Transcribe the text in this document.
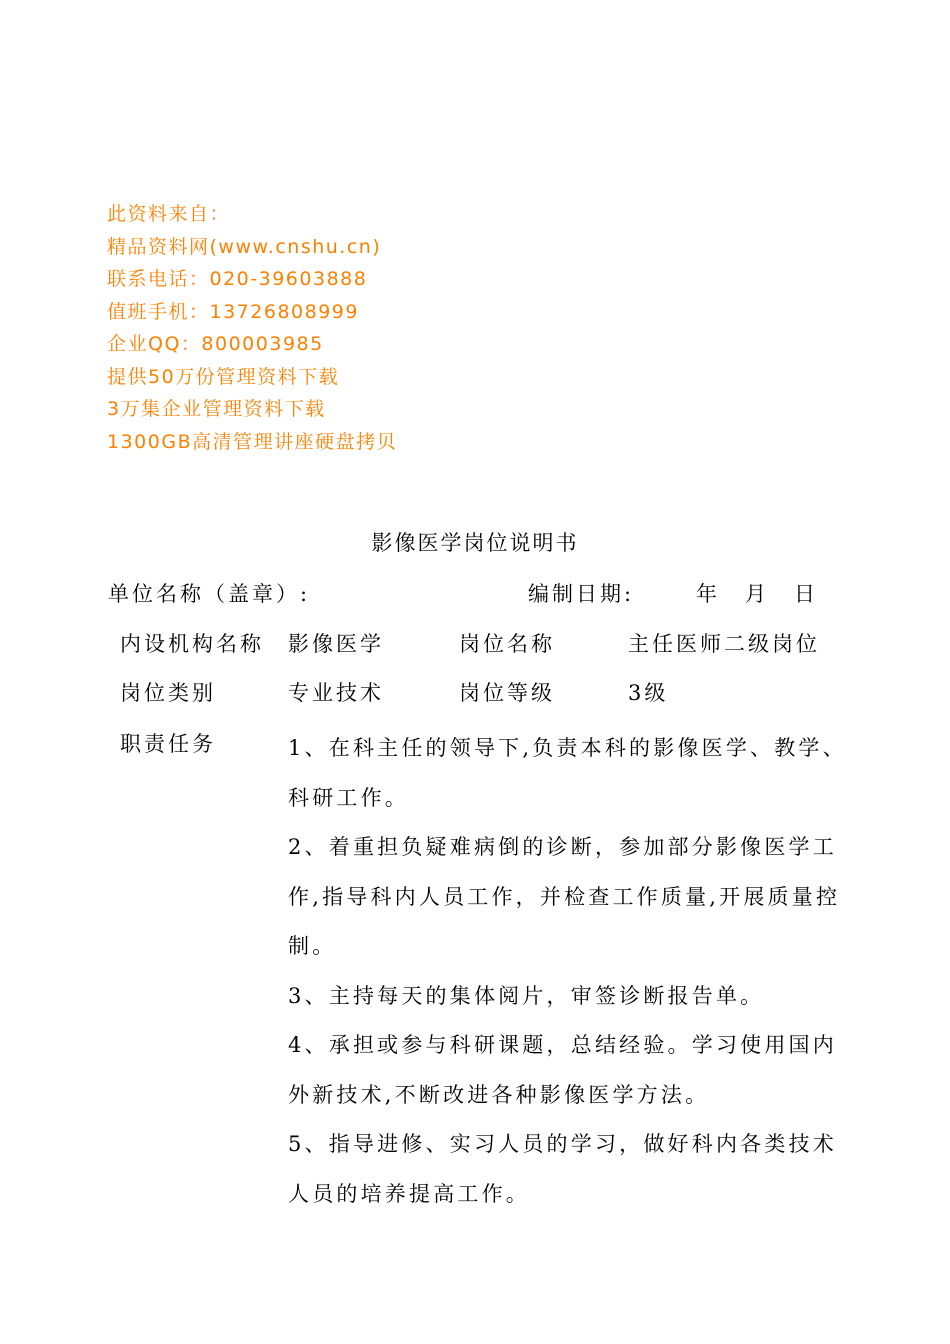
此资料来自：
精品资料网(www.cnshu.cn)
联系电话：020-39603888
值班手机：13726808999
企业QQ：800003985
提供50万份管理资料下载
3万集企业管理资料下载
1300GB高清管理讲座硬盘拷贝
影像医学岗位说明书
单位名称（盖章）:	编制日期:	年 月 日
内设机构名称 影像医学	岗位名称	主任医师二级岗位
岗位类别	专业技术	岗位等级	3级
职责任务	1、在科主任的领导下,负责本科的影像医学、教学、科研工作。
2、着重担负疑难病倒的诊断，参加部分影像医学工作,指导科内人员工作，并检查工作质量,开展质量控制。
3、主持每天的集体阅片，审签诊断报告单。
4、承担或参与科研课题，总结经验。学习使用国内外新技术,不断改进各种影像医学方法。
5、指导进修、实习人员的学习，做好科内各类技术人员的培养提高工作。
